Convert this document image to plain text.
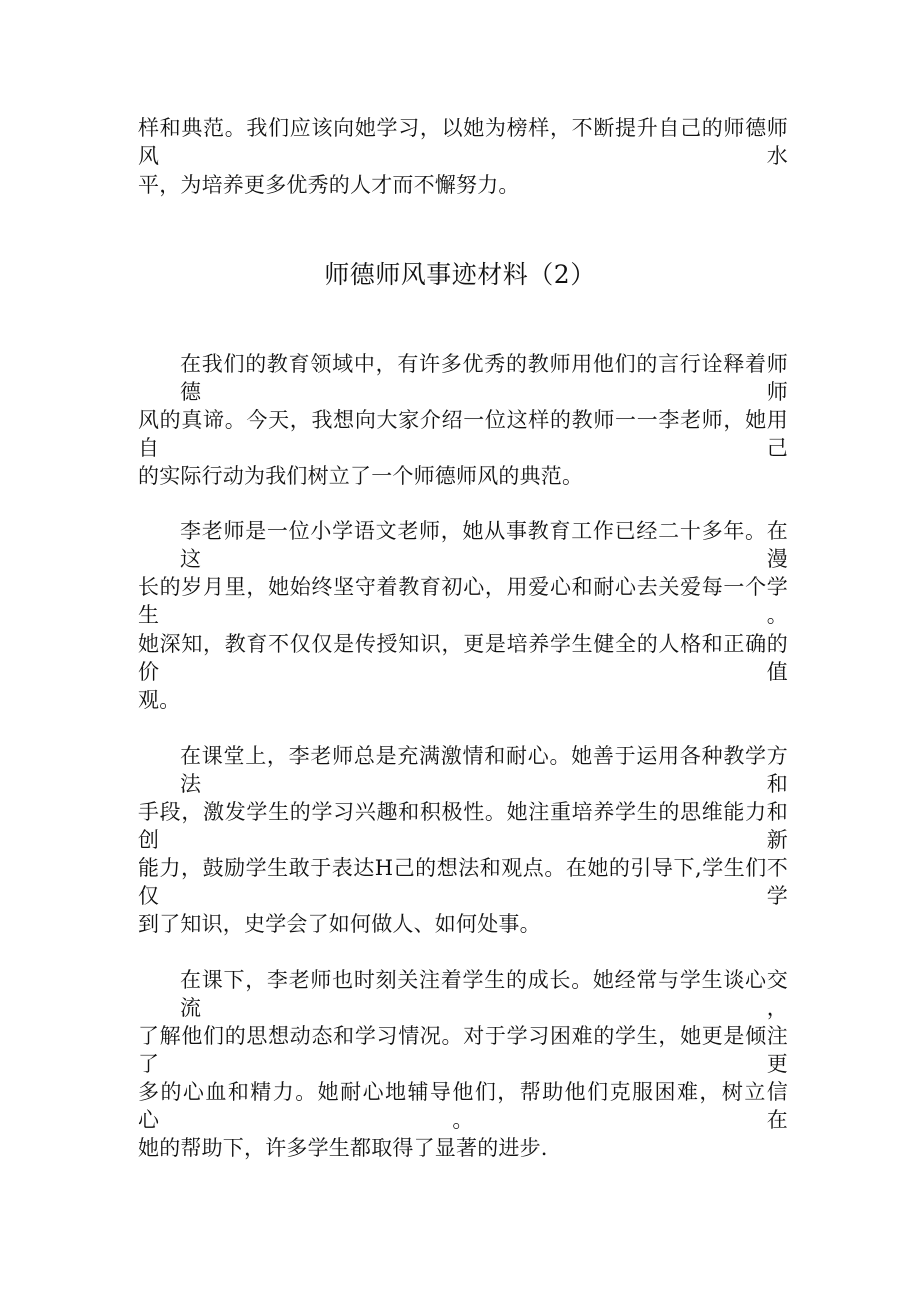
样和典范。我们应该向她学习，以她为榜样，不断提升自己的师德师风水
平，为培养更多优秀的人才而不懈努力。
师德师风事迹材料（2）
在我们的教育领域中，有许多优秀的教师用他们的言行诠释着师德师
风的真谛。今天，我想向大家介绍一位这样的教师一一李老师，她用自己
的实际行动为我们树立了一个师德师风的典范。
李老师是一位小学语文老师，她从事教育工作已经二十多年。在这漫
长的岁月里，她始终坚守着教育初心，用爱心和耐心去关爱每一个学生。
她深知，教育不仅仅是传授知识，更是培养学生健全的人格和正确的价值
观。
在课堂上，李老师总是充满激情和耐心。她善于运用各种教学方法和
手段，激发学生的学习兴趣和积极性。她注重培养学生的思维能力和创新
能力，鼓励学生敢于表达H己的想法和观点。在她的引导下,学生们不仅学
到了知识，史学会了如何做人、如何处事。
在课下，李老师也时刻关注着学生的成长。她经常与学生谈心交流，
了解他们的思想动态和学习情况。对于学习困难的学生，她更是倾注了更
多的心血和精力。她耐心地辅导他们，帮助他们克服困难，树立信心。在
她的帮助下，许多学生都取得了显著的进步.
